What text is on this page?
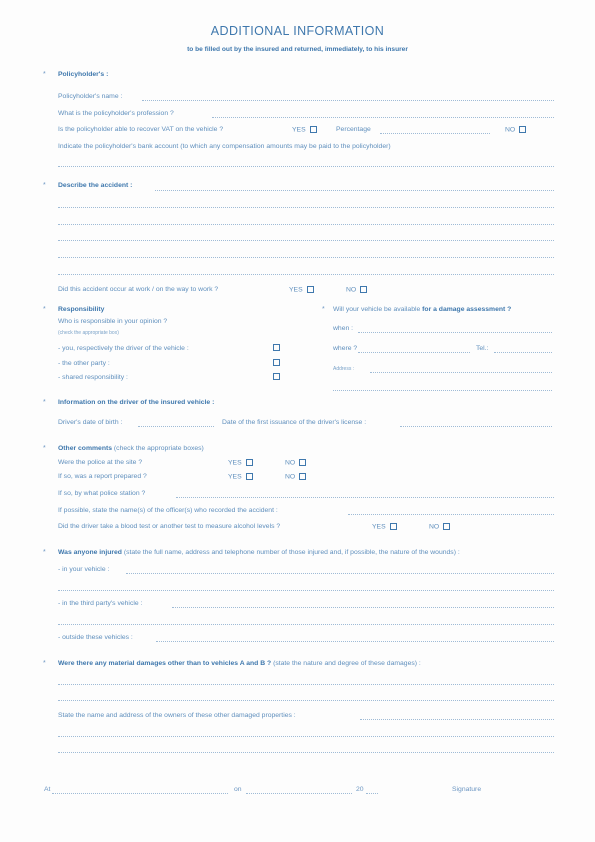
ADDITIONAL INFORMATION
to be filled out by the insured and returned, immediately, to his insurer
* Policyholder's :
Policyholder's name :
What is the policyholder's profession ?
Is the policyholder able to recover VAT on the vehicle ?	YES	Percentage	NO
Indicate the policyholder's bank account (to which any compensation amounts may be paid to the policyholder)
* Describe the accident :
Did this accident occur at work / on the way to work ?	YES	NO
* Responsibility
Who is responsible in your opinion ?
(check the appropriate box)
- you, respectively the driver of the vehicle :
- the other party :
- shared responsibility :
* Will your vehicle be available for a damage assessment ?
when :
where ?	Tel.:
Address :
* Information on the driver of the insured vehicle :
Driver's date of birth :	Date of the first issuance of the driver's license :
* Other comments (check the appropriate boxes)
Were the police at the site ?	YES	NO
If so, was a report prepared ?	YES	NO
If so, by what police station ?
If possible, state the name(s) of the officer(s) who recorded the accident :
Did the driver take a blood test or another test to measure alcohol levels ?	YES	NO
* Was anyone injured (state the full name, address and telephone number of those injured and, if possible, the nature of the wounds) :
- in your vehicle :
- in the third party's vehicle :
- outside these vehicles :
* Were there any material damages other than to vehicles A and B ? (state the nature and degree of these damages) :
State the name and address of the owners of these other damaged properties :
At	on	20	Signature
